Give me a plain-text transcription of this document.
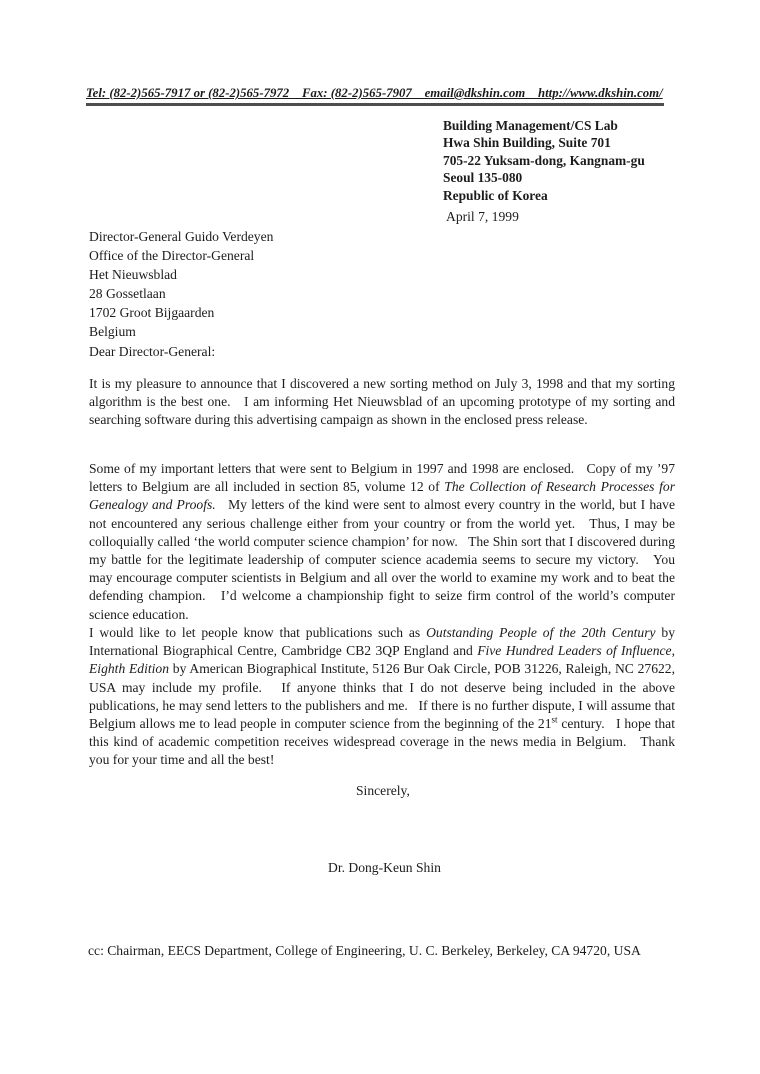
Tel: (82-2)565-7917 or (82-2)565-7972    Fax: (82-2)565-7907    email@dkshin.com    http://www.dkshin.com/
Building Management/CS Lab
Hwa Shin Building, Suite 701
705-22 Yuksam-dong, Kangnam-gu
Seoul 135-080
Republic of Korea
April 7, 1999
Director-General Guido Verdeyen
Office of the Director-General
Het Nieuwsblad
28 Gossetlaan
1702 Groot Bijgaarden
Belgium
Dear Director-General:

It is my pleasure to announce that I discovered a new sorting method on July 3, 1998 and that my sorting algorithm is the best one.   I am informing Het Nieuwsblad of an upcoming prototype of my sorting and searching software during this advertising campaign as shown in the enclosed press release.

Some of my important letters that were sent to Belgium in 1997 and 1998 are enclosed.   Copy of my ’97 letters to Belgium are all included in section 85, volume 12 of The Collection of Research Processes for Genealogy and Proofs.   My letters of the kind were sent to almost every country in the world, but I have not encountered any serious challenge either from your country or from the world yet.   Thus, I may be colloquially called ‘the world computer science champion’ for now.   The Shin sort that I discovered during my battle for the legitimate leadership of computer science academia seems to secure my victory.   You may encourage computer scientists in Belgium and all over the world to examine my work and to beat the defending champion.   I’d welcome a championship fight to seize firm control of the world’s computer science education.

I would like to let people know that publications such as Outstanding People of the 20th Century by International Biographical Centre, Cambridge CB2 3QP England and Five Hundred Leaders of Influence, Eighth Edition by American Biographical Institute, 5126 Bur Oak Circle, POB 31226, Raleigh, NC 27622, USA may include my profile.   If anyone thinks that I do not deserve being included in the above publications, he may send letters to the publishers and me.   If there is no further dispute, I will assume that Belgium allows me to lead people in computer science from the beginning of the 21st century.   I hope that this kind of academic competition receives widespread coverage in the news media in Belgium.   Thank you for your time and all the best!

Sincerely,
Dr. Dong-Keun Shin
cc: Chairman, EECS Department, College of Engineering, U. C. Berkeley, Berkeley, CA 94720, USA
